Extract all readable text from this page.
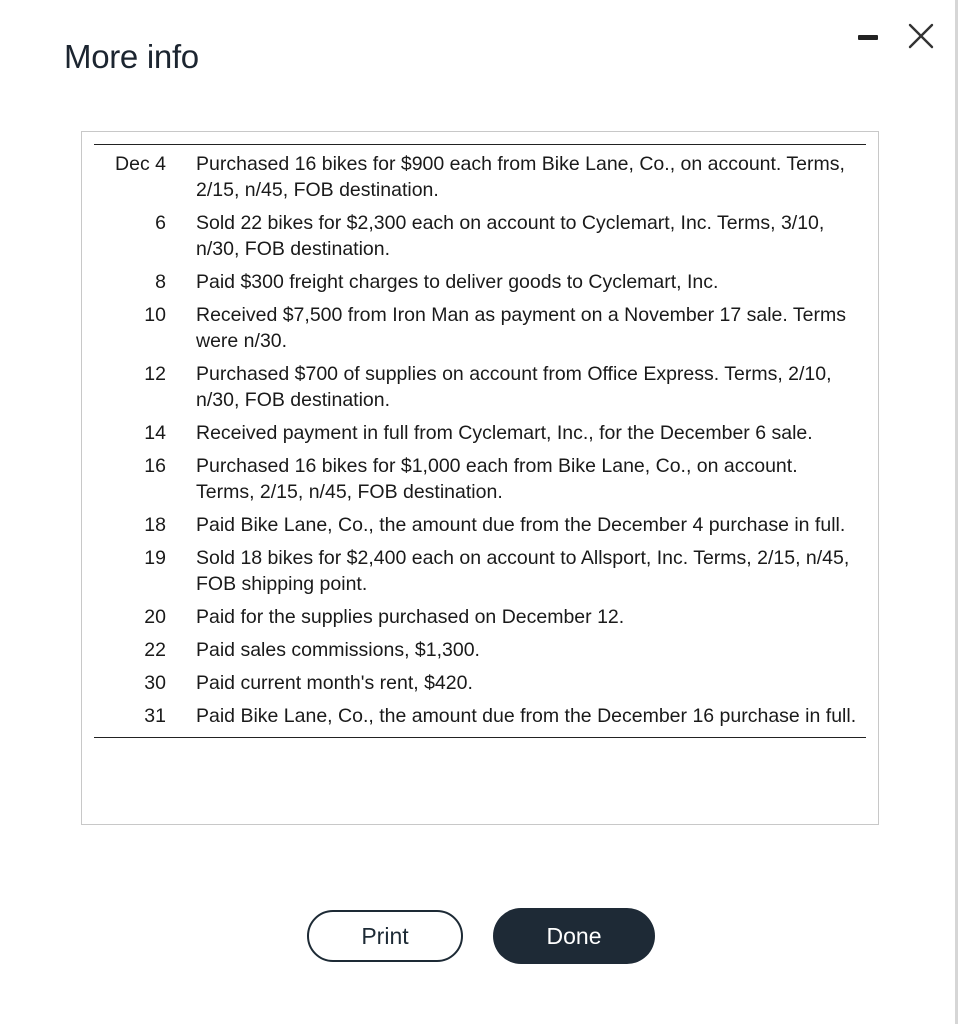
More info
Dec 4 Purchased 16 bikes for $900 each from Bike Lane, Co., on account. Terms, 2/15, n/45, FOB destination.
6 Sold 22 bikes for $2,300 each on account to Cyclemart, Inc. Terms, 3/10, n/30, FOB destination.
8 Paid $300 freight charges to deliver goods to Cyclemart, Inc.
10 Received $7,500 from Iron Man as payment on a November 17 sale. Terms were n/30.
12 Purchased $700 of supplies on account from Office Express. Terms, 2/10, n/30, FOB destination.
14 Received payment in full from Cyclemart, Inc., for the December 6 sale.
16 Purchased 16 bikes for $1,000 each from Bike Lane, Co., on account. Terms, 2/15, n/45, FOB destination.
18 Paid Bike Lane, Co., the amount due from the December 4 purchase in full.
19 Sold 18 bikes for $2,400 each on account to Allsport, Inc. Terms, 2/15, n/45, FOB shipping point.
20 Paid for the supplies purchased on December 12.
22 Paid sales commissions, $1,300.
30 Paid current month's rent, $420.
31 Paid Bike Lane, Co., the amount due from the December 16 purchase in full.
Print	Done
